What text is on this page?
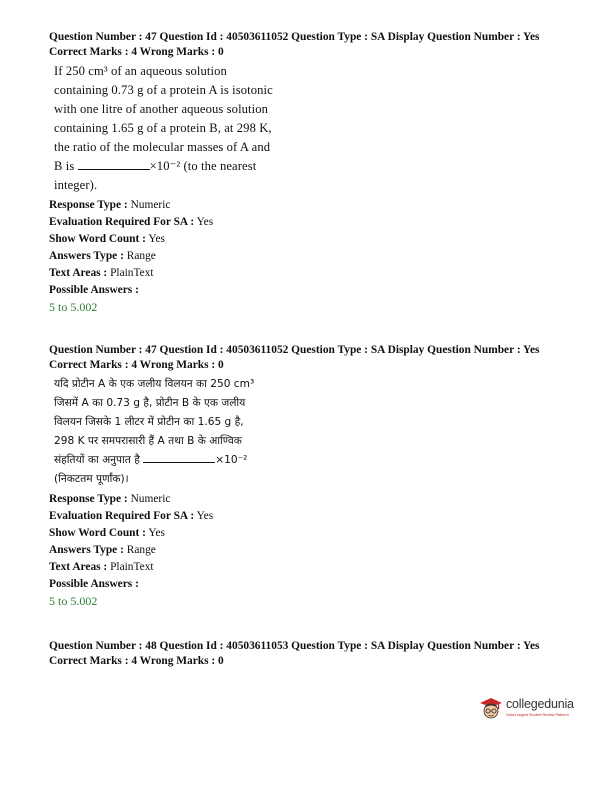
Question Number : 47 Question Id : 40503611052 Question Type : SA Display Question Number : Yes
Correct Marks : 4 Wrong Marks : 0
If 250 cm³ of an aqueous solution
containing 0.73 g of a protein A is isotonic
with one litre of another aqueous solution
containing 1.65 g of a protein B, at 298 K,
the ratio of the molecular masses of A and
B is	×10⁻² (to the nearest
integer).
Response Type : Numeric
Evaluation Required For SA : Yes
Show Word Count : Yes
Answers Type : Range
Text Areas : PlainText
Possible Answers :
5 to 5.002
Question Number : 47 Question Id : 40503611052 Question Type : SA Display Question Number : Yes
Correct Marks : 4 Wrong Marks : 0
यदि प्रोटीन A के एक जलीय विलयन का 250 cm³
जिसमें A का 0.73 g है, प्रोटीन B के एक जलीय
विलयन जिसके 1 लीटर में प्रोटीन का 1.65 g है,
298 K पर समपरासारी हैं A तथा B के आण्विक
संहतियों का अनुपात है	×10⁻²
(निकटतम पूर्णांक)।
Response Type : Numeric
Evaluation Required For SA : Yes
Show Word Count : Yes
Answers Type : Range
Text Areas : PlainText
Possible Answers :
5 to 5.002
Question Number : 48 Question Id : 40503611053 Question Type : SA Display Question Number : Yes
Correct Marks : 4 Wrong Marks : 0
collegedunia
India's largest Student Review Platform
